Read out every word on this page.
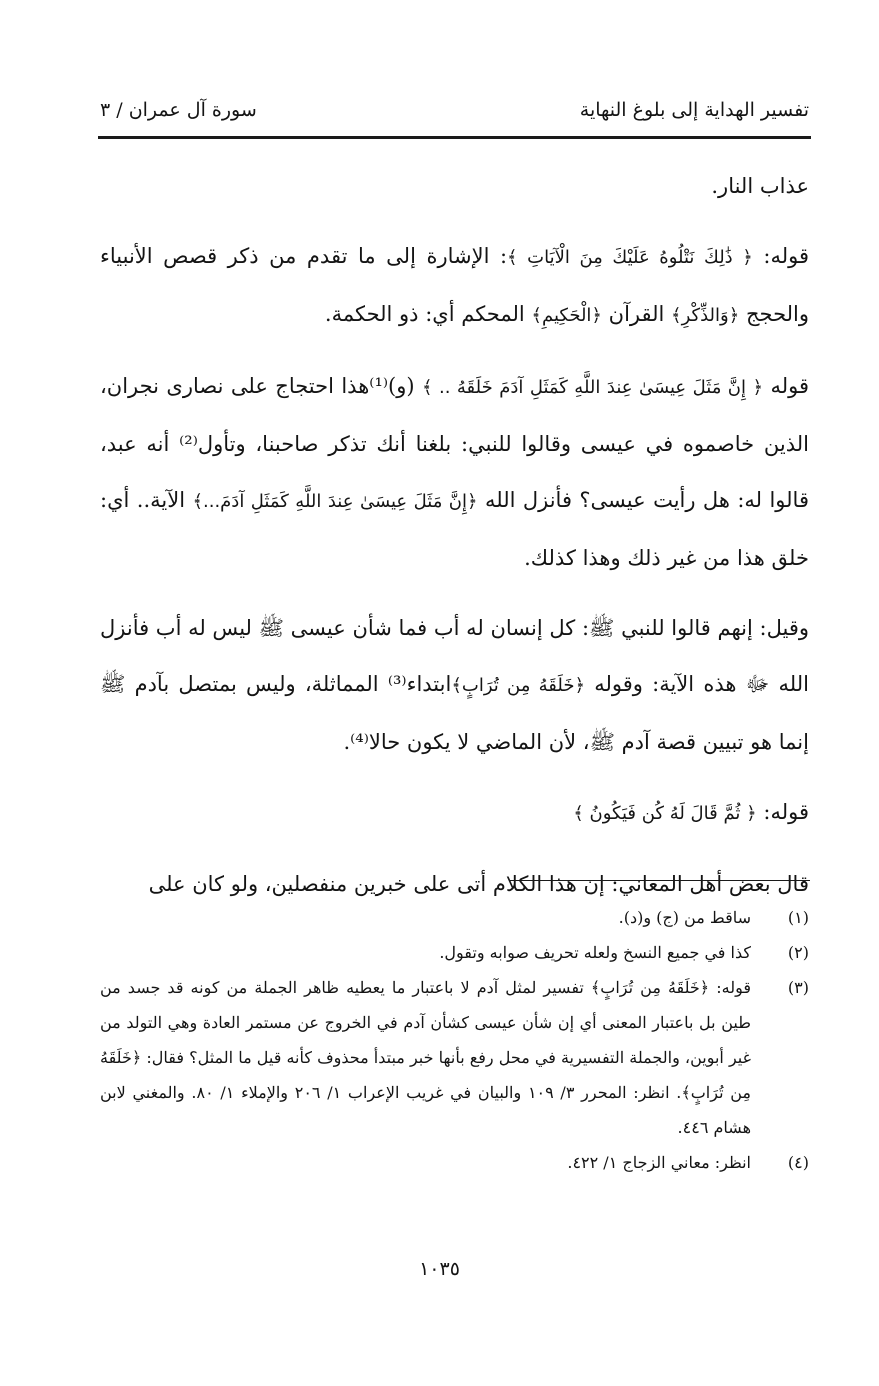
تفسير الهداية إلى بلوغ النهاية
سورة آل عمران / ٣

عذاب النار.

قوله: ﴿ ذَٰلِكَ نَتْلُوهُ عَلَيْكَ مِنَ الْآيَاتِ ﴾: الإشارة إلى ما تقدم من ذكر قصص الأنبياء والحجج ﴿وَالذِّكْرِ﴾ القرآن ﴿الْحَكِيمِ﴾ المحكم أي: ذو الحكمة.

قوله ﴿ إِنَّ مَثَلَ عِيسَىٰ عِندَ اللَّهِ كَمَثَلِ آدَمَ خَلَقَهُ .. ﴾ (و)⁽¹⁾هذا احتجاج على نصارى نجران، الذين خاصموه في عيسى وقالوا للنبي: بلغنا أنك تذكر صاحبنا، وتأول⁽²⁾ أنه عبد، قالوا له: هل رأيت عيسى؟ فأنزل الله ﴿إِنَّ مَثَلَ عِيسَىٰ عِندَ اللَّهِ كَمَثَلِ آدَمَ...﴾ الآية.. أي: خلق هذا من غير ذلك وهذا كذلك.

وقيل: إنهم قالوا للنبي ﷺ: كل إنسان له أب فما شأن عيسى ﷺ ليس له أب فأنزل الله ﷻ هذه الآية: وقوله ﴿خَلَقَهُ مِن تُرَابٍ﴾ابتداء⁽³⁾ المماثلة، وليس بمتصل بآدم ﷺ إنما هو تبيين قصة آدم ﷺ، لأن الماضي لا يكون حالا⁽⁴⁾.

قوله: ﴿ ثُمَّ قَالَ لَهُ كُن فَيَكُونُ ﴾

قال بعض أهل المعاني: إن هذا الكلام أتى على خبرين منفصلين، ولو كان على

(١)
ساقط من (ج) و(د).
(٢)
كذا في جميع النسخ ولعله تحريف صوابه وتقول.
(٣)
قوله: ﴿خَلَقَهُ مِن تُرَابٍ﴾ تفسير لمثل آدم لا باعتبار ما يعطيه ظاهر الجملة من كونه قد جسد من طين بل باعتبار المعنى أي إن شأن عيسى كشأن آدم في الخروج عن مستمر العادة وهي التولد من غير أبوين، والجملة التفسيرية في محل رفع بأنها خبر مبتدأ محذوف كأنه قيل ما المثل؟ فقال: ﴿خَلَقَهُ مِن تُرَابٍ﴾. انظر: المحرر ٣/ ١٠٩ والبيان في غريب الإعراب ١/ ٢٠٦ والإملاء ١/ ٨٠. والمغني لابن هشام ٤٤٦.
(٤)
انظر: معاني الزجاج ١/ ٤٢٢.
١٠٣٥
